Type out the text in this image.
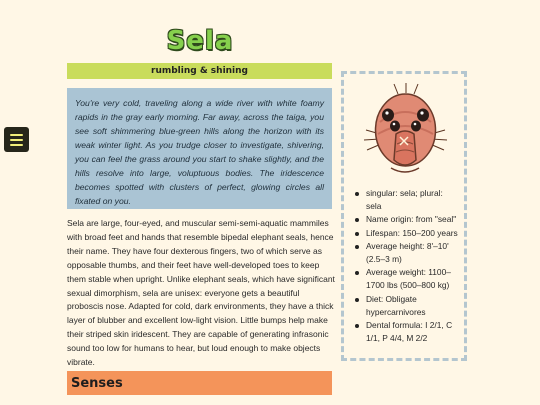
Sela
rumbling & shining
You're very cold, traveling along a wide river with white foamy rapids in the gray early morning. Far away, across the taiga, you see soft shimmering blue-green hills along the horizon with its weak winter light. As you trudge closer to investigate, shivering, you can feel the grass around you start to shake slightly, and the hills resolve into large, voluptuous bodies. The iridescence becomes spotted with clusters of perfect, glowing circles all fixated on you.

Sela are large, four-eyed, and muscular semi-semi-aquatic mammiles with broad feet and hands that resemble bipedal elephant seals, hence their name. They have four dexterous fingers, two of which serve as opposable thumbs, and their feet have well-developed toes to keep them stable when upright. Unlike elephant seals, which have significant sexual dimorphism, sela are unisex: everyone gets a beautiful proboscis nose. Adapted for cold, dark environments, they have a thick layer of blubber and excellent low-light vision. Little bumps help make their striped skin iridescent. They are capable of generating infrasonic sound too low for humans to hear, but loud enough to make objects vibrate.

Senses
singular: sela; plural: sela
Name origin: from "seal"
Lifespan: 150–200 years
Average height: 8'–10' (2.5–3 m)
Average weight: 1100–1700 lbs (500–800 kg)
Diet: Obligate hypercarnivores
Dental formula: I 2/1, C 1/1, P 4/4, M 2/2
